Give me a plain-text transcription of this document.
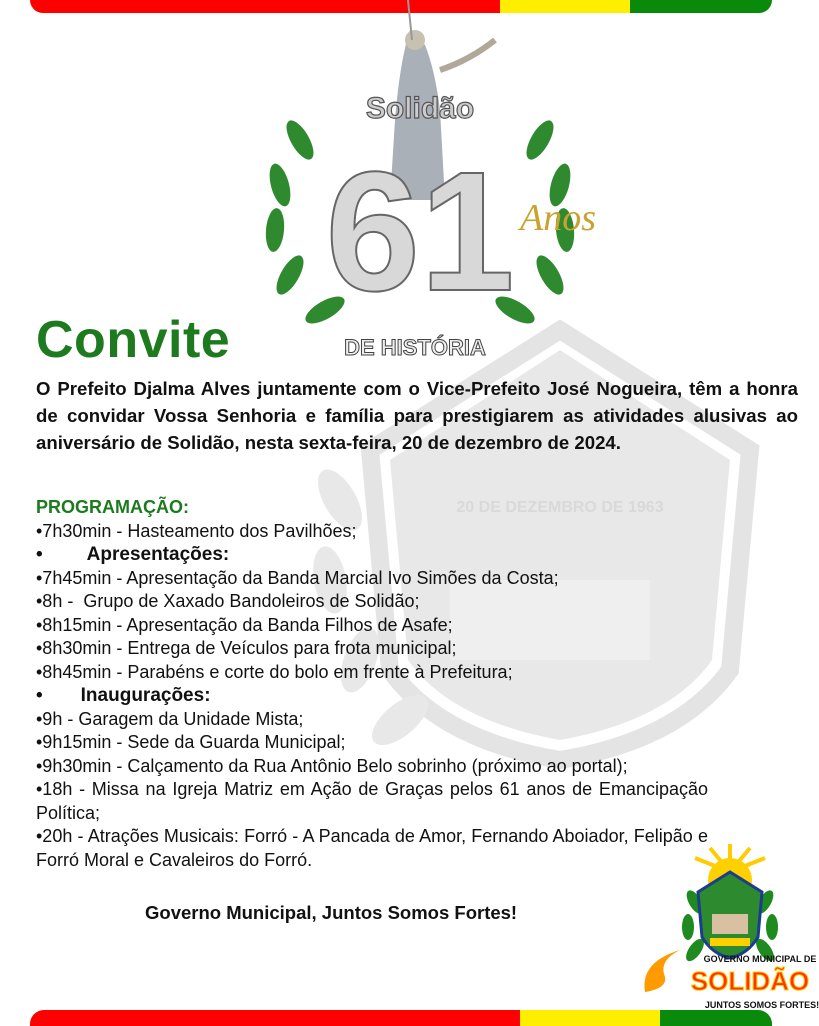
20 DE DEZEMBRO DE 1963
Solidão
61 Anos
DE HISTÓRIA
Convite
O Prefeito Djalma Alves juntamente com o Vice-Prefeito José Nogueira, têm a honra de convidar Vossa Senhoria e família para prestigiarem as atividades alusivas ao aniversário de Solidão, nesta sexta-feira, 20 de dezembro de 2024.
PROGRAMAÇÃO:
•7h30min - Hasteamento dos Pavilhões;
• Apresentações:
•7h45min - Apresentação da Banda Marcial Ivo Simões da Costa;
•8h -  Grupo de Xaxado Bandoleiros de Solidão;
•8h15min - Apresentação da Banda Filhos de Asafe;
•8h30min - Entrega de Veículos para frota municipal;
•8h45min - Parabéns e corte do bolo em frente à Prefeitura;
• Inaugurações:
•9h - Garagem da Unidade Mista;
•9h15min - Sede da Guarda Municipal;
•9h30min - Calçamento da Rua Antônio Belo sobrinho (próximo ao portal);
•18h - Missa na Igreja Matriz em Ação de Graças pelos 61 anos de Emancipação Política;
•20h - Atrações Musicais: Forró - A Pancada de Amor, Fernando Aboiador, Felipão e Forró Moral e Cavaleiros do Forró.
Governo Municipal, Juntos Somos Fortes!
GOVERNO MUNICIPAL DE
SOLIDÃO
JUNTOS SOMOS FORTES!
